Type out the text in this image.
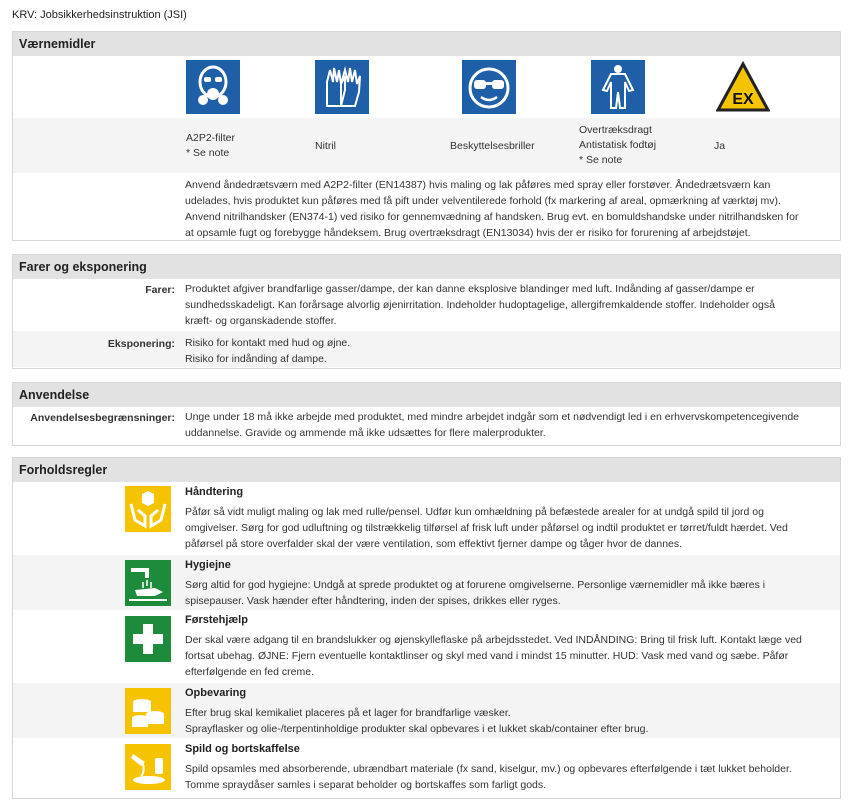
KRV: Jobsikkerhedsinstruktion (JSI)
Værnemidler
EX
A2P2-filter
* Se note
Nitril	Beskyttelsesbriller
Overtræksdragt
Antistatisk fodtøj
* Se note
Ja
Anvend åndedrætsværn med A2P2-filter (EN14387) hvis maling og lak påføres med spray eller forstøver. Åndedrætsværn kan
udelades, hvis produktet kun påføres med få pift under velventilerede forhold (fx markering af areal, opmærkning af værktøj mv).
Anvend nitrilhandsker (EN374-1) ved risiko for gennemvædning af handsken. Brug evt. en bomuldshandske under nitrilhandsken for
at opsamle fugt og forebygge håndeksem. Brug overtræksdragt (EN13034) hvis der er risiko for forurening af arbejdstøjet.
Farer og eksponering
Farer: Produktet afgiver brandfarlige gasser/dampe, der kan danne eksplosive blandinger med luft. Indånding af gasser/dampe er
sundhedsskadeligt. Kan forårsage alvorlig øjenirritation. Indeholder hudoptagelige, allergifremkaldende stoffer. Indeholder også
kræft- og organskadende stoffer.
Eksponering: Risiko for kontakt med hud og øjne.
Risiko for indånding af dampe.
Anvendelse
Anvendelsesbegrænsninger: Unge under 18 må ikke arbejde med produktet, med mindre arbejdet indgår som et nødvendigt led i en erhvervskompetencegivende
uddannelse. Gravide og ammende må ikke udsættes for flere malerprodukter.
Forholdsregler
Håndtering
Påfør så vidt muligt maling og lak med rulle/pensel. Udfør kun omhældning på befæstede arealer for at undgå spild til jord og
omgivelser. Sørg for god udluftning og tilstrækkelig tilførsel af frisk luft under påførsel og indtil produktet er tørret/fuldt hærdet. Ved
påførsel på store overfalder skal der være ventilation, som effektivt fjerner dampe og tåger hvor de dannes.
Hygiejne
Sørg altid for god hygiejne: Undgå at sprede produktet og at forurene omgivelserne. Personlige værnemidler må ikke bæres i
spisepauser. Vask hænder efter håndtering, inden der spises, drikkes eller ryges.
Førstehjælp
Der skal være adgang til en brandslukker og øjenskylleflaske på arbejdsstedet. Ved INDÅNDING: Bring til frisk luft. Kontakt læge ved
fortsat ubehag. ØJNE: Fjern eventuelle kontaktlinser og skyl med vand i mindst 15 minutter. HUD: Vask med vand og sæbe. Påfør
efterfølgende en fed creme.
Opbevaring
Efter brug skal kemikaliet placeres på et lager for brandfarlige væsker.
Sprayflasker og olie-/terpentinholdige produkter skal opbevares i et lukket skab/container efter brug.
Spild og bortskaffelse
Spild opsamles med absorberende, ubrændbart materiale (fx sand, kiselgur, mv.) og opbevares efterfølgende i tæt lukket beholder.
Tomme spraydåser samles i separat beholder og bortskaffes som farligt gods.
